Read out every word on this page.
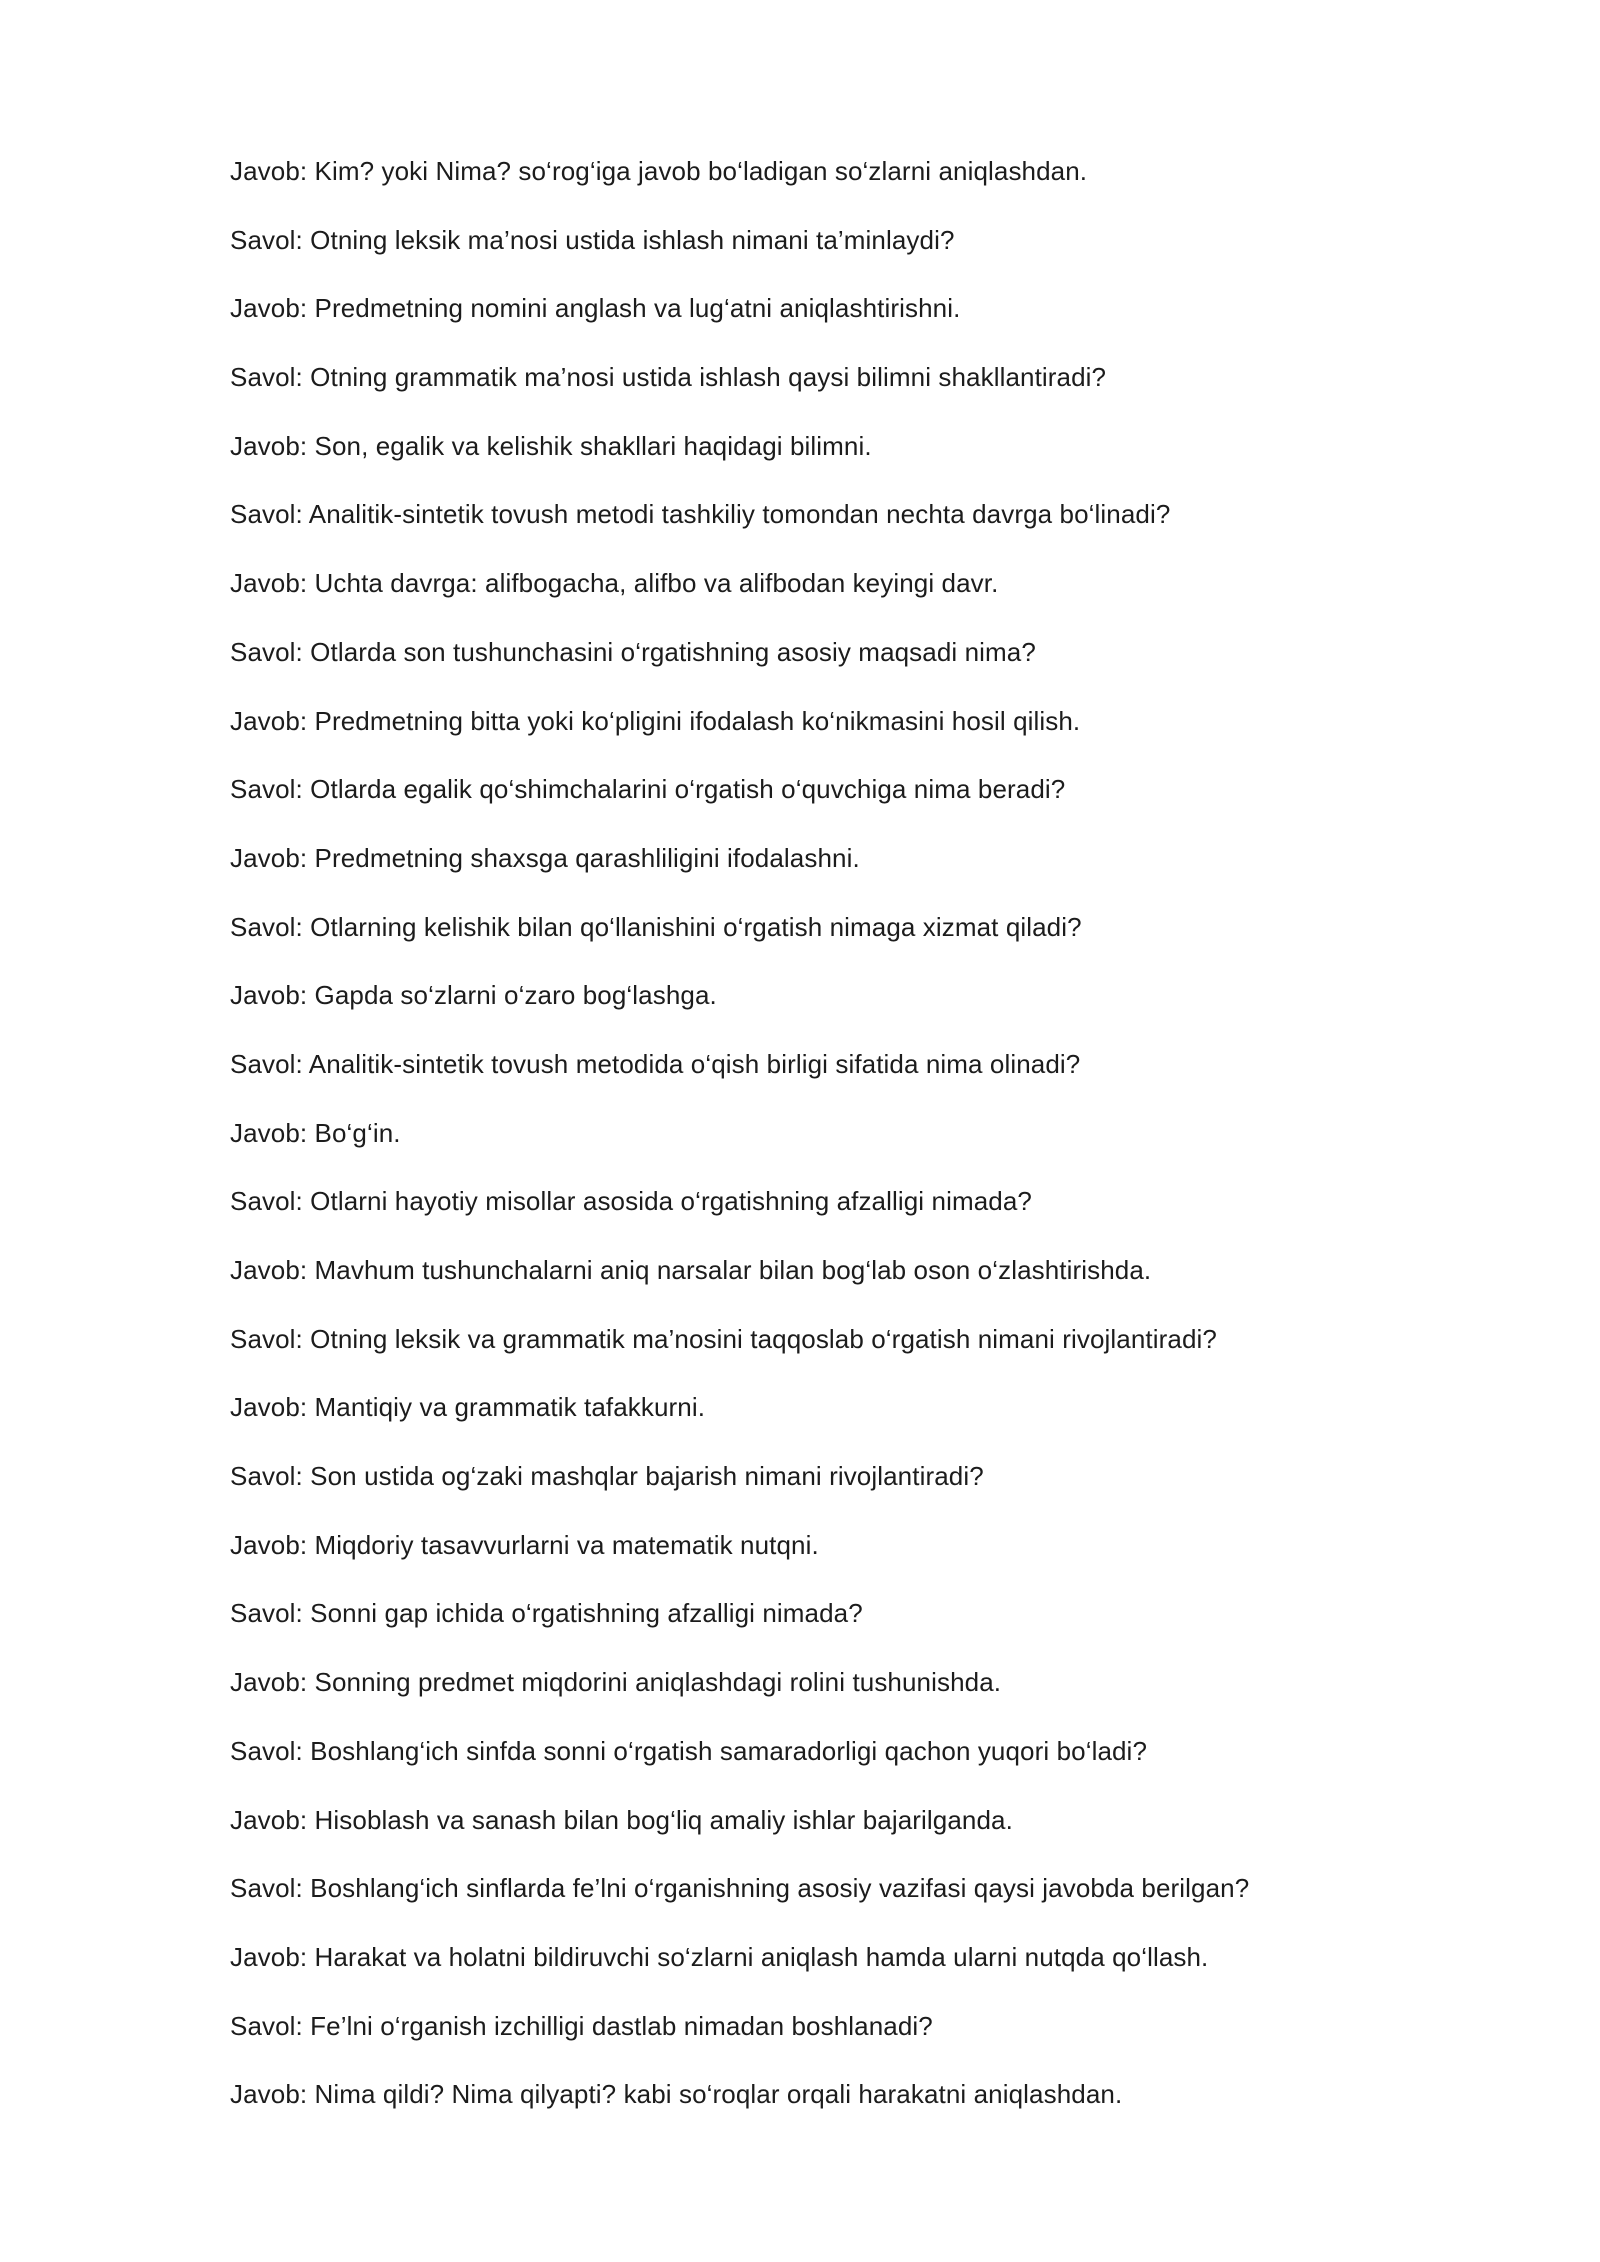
Javob: Kim? yoki Nima? so‘rog‘iga javob bo‘ladigan so‘zlarni aniqlashdan.
Savol: Otning leksik ma’nosi ustida ishlash nimani ta’minlaydi?
Javob: Predmetning nomini anglash va lug‘atni aniqlashtirishni.
Savol: Otning grammatik ma’nosi ustida ishlash qaysi bilimni shakllantiradi?
Javob: Son, egalik va kelishik shakllari haqidagi bilimni.
Savol: Analitik-sintetik tovush metodi tashkiliy tomondan nechta davrga bo‘linadi?
Javob: Uchta davrga: alifbogacha, alifbo va alifbodan keyingi davr.
Savol: Otlarda son tushunchasini o‘rgatishning asosiy maqsadi nima?
Javob: Predmetning bitta yoki ko‘pligini ifodalash ko‘nikmasini hosil qilish.
Savol: Otlarda egalik qo‘shimchalarini o‘rgatish o‘quvchiga nima beradi?
Javob: Predmetning shaxsga qarashliligini ifodalashni.
Savol: Otlarning kelishik bilan qo‘llanishini o‘rgatish nimaga xizmat qiladi?
Javob: Gapda so‘zlarni o‘zaro bog‘lashga.
Savol: Analitik-sintetik tovush metodida o‘qish birligi sifatida nima olinadi?
Javob: Bo‘g‘in.
Savol: Otlarni hayotiy misollar asosida o‘rgatishning afzalligi nimada?
Javob: Mavhum tushunchalarni aniq narsalar bilan bog‘lab oson o‘zlashtirishda.
Savol: Otning leksik va grammatik ma’nosini taqqoslab o‘rgatish nimani rivojlantiradi?
Javob: Mantiqiy va grammatik tafakkurni.
Savol: Son ustida og‘zaki mashqlar bajarish nimani rivojlantiradi?
Javob: Miqdoriy tasavvurlarni va matematik nutqni.
Savol: Sonni gap ichida o‘rgatishning afzalligi nimada?
Javob: Sonning predmet miqdorini aniqlashdagi rolini tushunishda.
Savol: Boshlang‘ich sinfda sonni o‘rgatish samaradorligi qachon yuqori bo‘ladi?
Javob: Hisoblash va sanash bilan bog‘liq amaliy ishlar bajarilganda.
Savol: Boshlang‘ich sinflarda fe’lni o‘rganishning asosiy vazifasi qaysi javobda berilgan?
Javob: Harakat va holatni bildiruvchi so‘zlarni aniqlash hamda ularni nutqda qo‘llash.
Savol: Fe’lni o‘rganish izchilligi dastlab nimadan boshlanadi?
Javob: Nima qildi? Nima qilyapti? kabi so‘roqlar orqali harakatni aniqlashdan.
